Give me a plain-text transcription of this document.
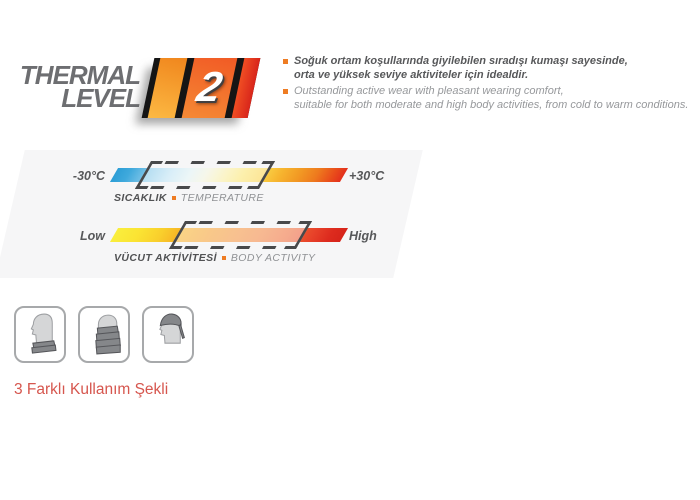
THERMAL
LEVEL 2
Soğuk ortam koşullarında giyilebilen sıradışı kumaşı sayesinde,
orta ve yüksek seviye aktiviteler için idealdir.
Outstanding active wear with pleasant wearing comfort,
suitable for both moderate and high body activities, from cold to warm conditions.
-30°C	+30°C
SICAKLIK TEMPERATURE
Low	High
VÜCUT AKTİVİTESİ BODY ACTIVITY
3 Farklı Kullanım Şekli
